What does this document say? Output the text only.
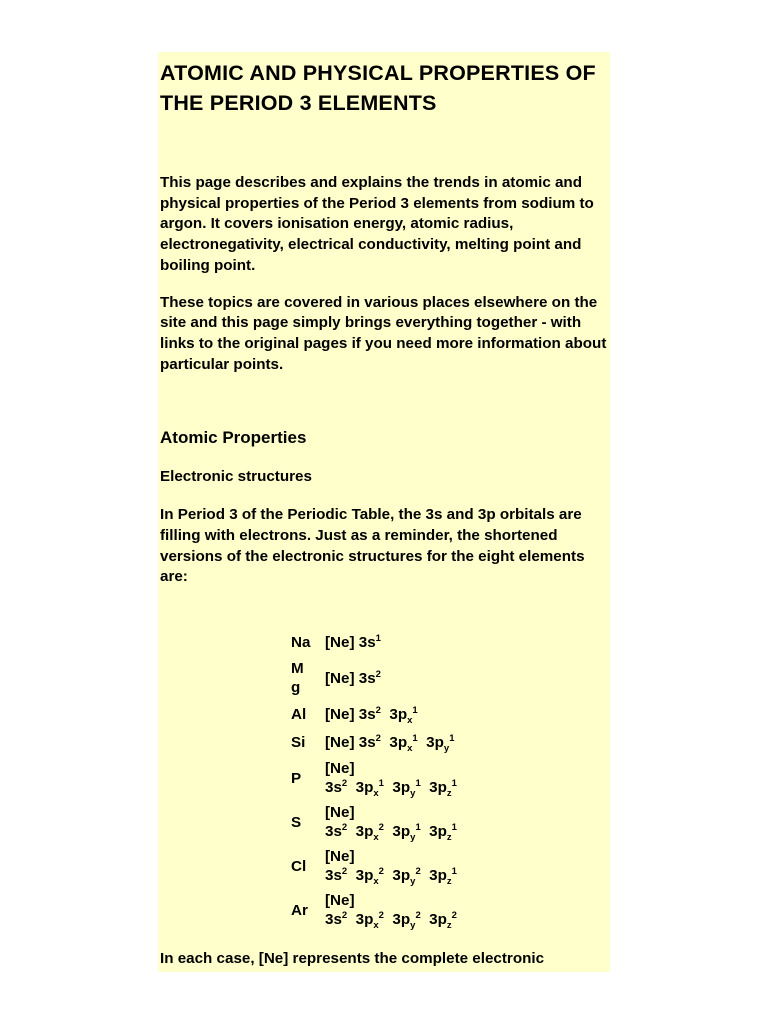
ATOMIC AND PHYSICAL PROPERTIES OF THE PERIOD 3 ELEMENTS
This page describes and explains the trends in atomic and physical properties of the Period 3 elements from sodium to argon. It covers ionisation energy, atomic radius, electronegativity, electrical conductivity, melting point and boiling point.
These topics are covered in various places elsewhere on the site and this page simply brings everything together - with links to the original pages if you need more information about particular points.
Atomic Properties
Electronic structures
In Period 3 of the Periodic Table, the 3s and 3p orbitals are filling with electrons. Just as a reminder, the shortened versions of the electronic structures for the eight elements are:
Na	[Ne] $3s^1$
M
g	[Ne] $3s^2$
Al	[Ne] $3s^2$  $3p_x^1$
Si	[Ne] $3s^2$  $3p_x^1$  $3p_y^1$
P	[Ne]
$3s^2$  $3p_x^1$  $3p_y^1$  $3p_z^1$
S	[Ne]
$3s^2$  $3p_x^2$  $3p_y^1$  $3p_z^1$
Cl	[Ne]
$3s^2$  $3p_x^2$  $3p_y^2$  $3p_z^1$
Ar	[Ne]
$3s^2$  $3p_x^2$  $3p_y^2$  $3p_z^2$
In each case, [Ne] represents the complete electronic
